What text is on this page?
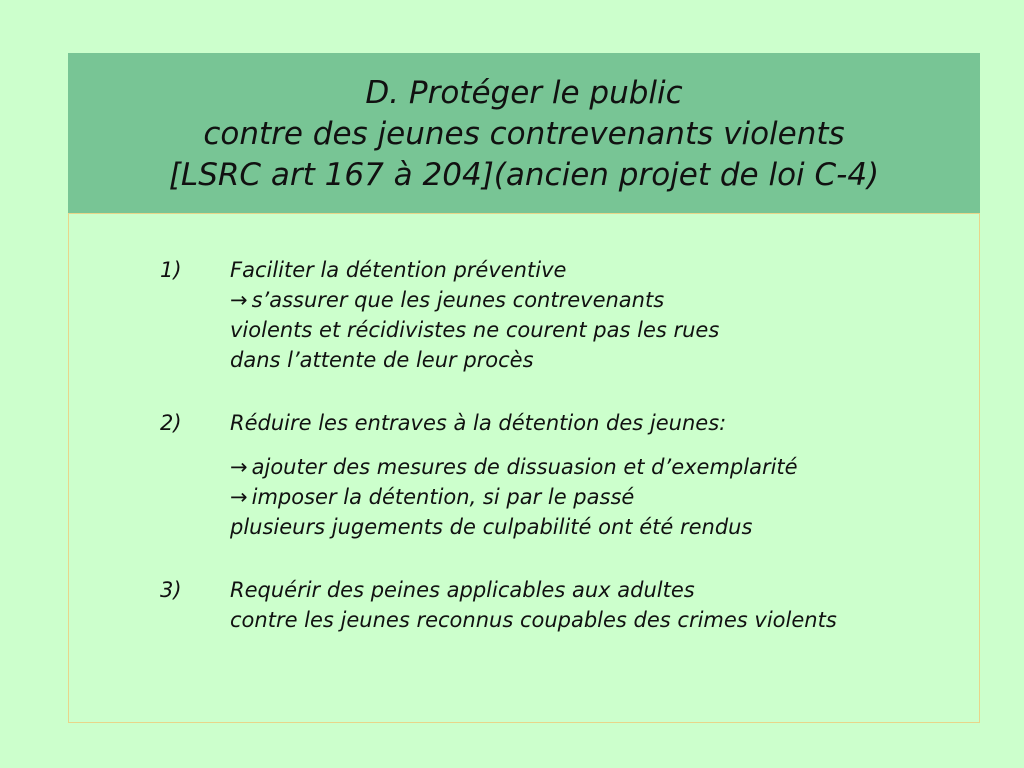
D. Protéger le public
contre des jeunes contrevenants violents
[LSRC art 167 à 204](ancien projet de loi C-4)
1) Faciliter la détention préventive
→ s’assurer que les jeunes contrevenants
violents et récidivistes ne courent pas les rues
dans l’attente de leur procès
2) Réduire les entraves à la détention des jeunes:
→ ajouter des mesures de dissuasion et d’exemplarité
→ imposer la détention, si par le passé
plusieurs jugements de culpabilité ont été rendus
3) Requérir des peines applicables aux adultes
contre les jeunes reconnus coupables des crimes violents
